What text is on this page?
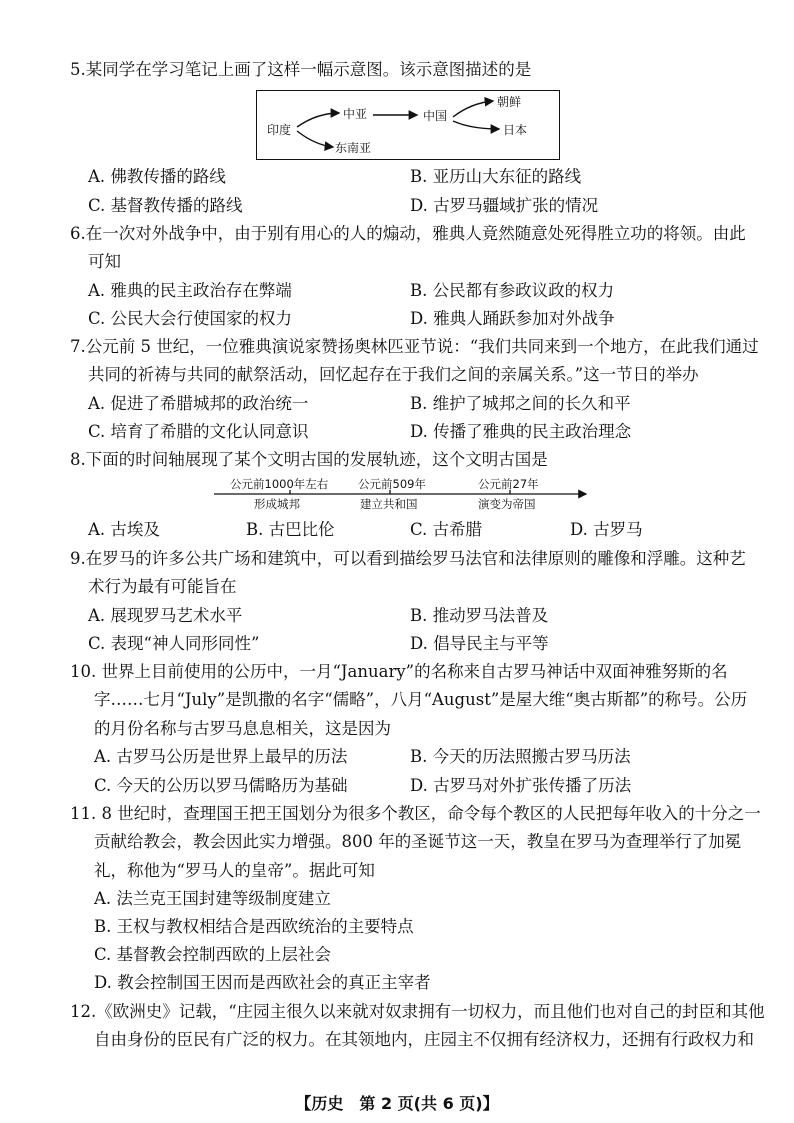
5.某同学在学习笔记上画了这样一幅示意图。该示意图描述的是
印度
中亚
东南亚
中国
朝鲜
日本
A. 佛教传播的路线	B. 亚历山大东征的路线
C. 基督教传播的路线	D. 古罗马疆域扩张的情况
6.在一次对外战争中，由于别有用心的人的煽动，雅典人竟然随意处死得胜立功的将领。由此
可知
A. 雅典的民主政治存在弊端	B. 公民都有参政议政的权力
C. 公民大会行使国家的权力	D. 雅典人踊跃参加对外战争
7.公元前 5 世纪，一位雅典演说家赞扬奥林匹亚节说：“我们共同来到一个地方，在此我们通过
共同的祈祷与共同的献祭活动，回忆起存在于我们之间的亲属关系。”这一节日的举办
A. 促进了希腊城邦的政治统一	B. 维护了城邦之间的长久和平
C. 培育了希腊的文化认同意识	D. 传播了雅典的民主政治理念
8.下面的时间轴展现了某个文明古国的发展轨迹，这个文明古国是
公元前1000年左右
形成城邦
公元前509年
建立共和国
公元前27年
演变为帝国
A. 古埃及	B. 古巴比伦	C. 古希腊	D. 古罗马
9.在罗马的许多公共广场和建筑中，可以看到描绘罗马法官和法律原则的雕像和浮雕。这种艺
术行为最有可能旨在
A. 展现罗马艺术水平	B. 推动罗马法普及
C. 表现“神人同形同性”	D. 倡导民主与平等
10. 世界上目前使用的公历中，一月“January”的名称来自古罗马神话中双面神雅努斯的名
字……七月“July”是凯撒的名字“儒略”，八月“August”是屋大维“奥古斯都”的称号。公历
的月份名称与古罗马息息相关，这是因为
A. 古罗马公历是世界上最早的历法	B. 今天的历法照搬古罗马历法
C. 今天的公历以罗马儒略历为基础	D. 古罗马对外扩张传播了历法
11. 8 世纪时，查理国王把王国划分为很多个教区，命令每个教区的人民把每年收入的十分之一
贡献给教会，教会因此实力增强。800 年的圣诞节这一天，教皇在罗马为查理举行了加冕
礼，称他为“罗马人的皇帝”。据此可知
A. 法兰克王国封建等级制度建立
B. 王权与教权相结合是西欧统治的主要特点
C. 基督教会控制西欧的上层社会
D. 教会控制国王因而是西欧社会的真正主宰者
12.《欧洲史》记载，“庄园主很久以来就对奴隶拥有一切权力，而且他们也对自己的封臣和其他
自由身份的臣民有广泛的权力。在其领地内，庄园主不仅拥有经济权力，还拥有行政权力和
【历史　第 2 页(共 6 页)】
